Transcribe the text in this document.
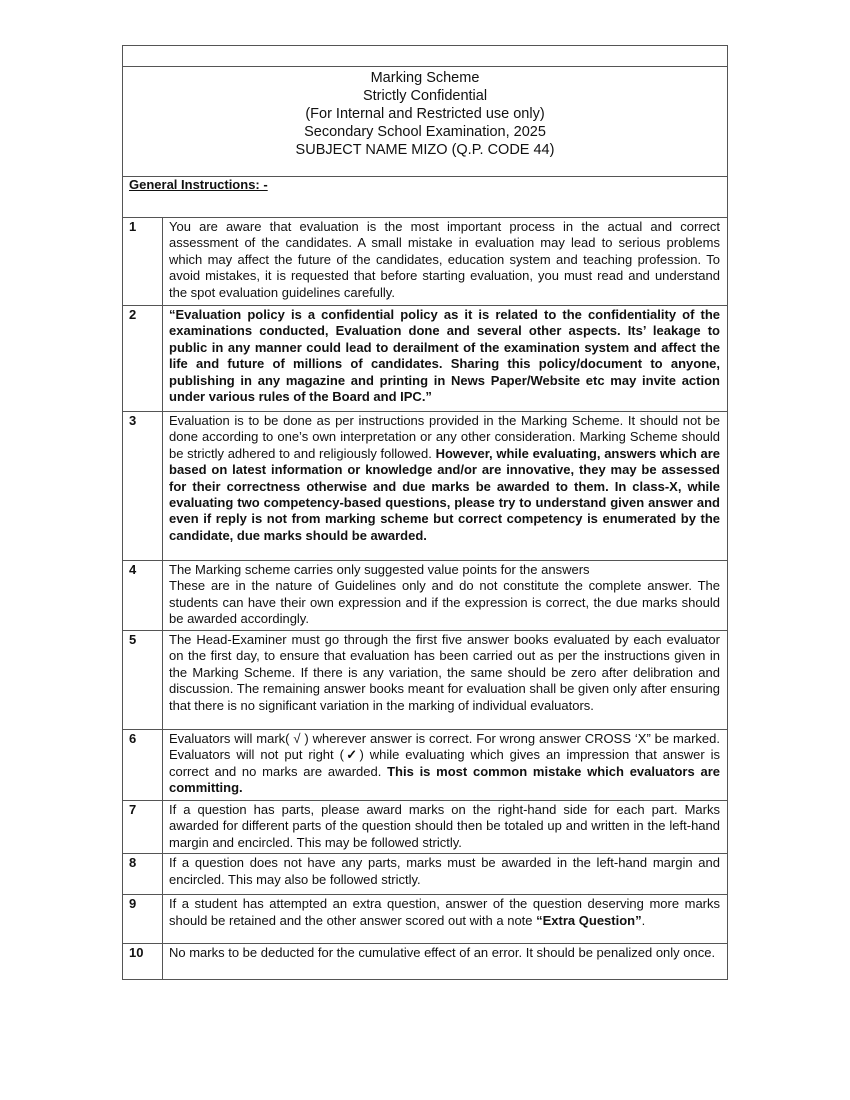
Marking Scheme
Strictly Confidential
(For Internal and Restricted use only)
Secondary School Examination, 2025
SUBJECT NAME MIZO (Q.P. CODE 44)	

General Instructions: -	
1	You are aware that evaluation is the most important process in the actual and correct assessment of the candidates. A small mistake in evaluation may lead to serious problems which may affect the future of the candidates, education system and teaching profession. To avoid mistakes, it is requested that before starting evaluation, you must read and understand the spot evaluation guidelines carefully.

2	“Evaluation policy is a confidential policy as it is related to the confidentiality of the examinations conducted, Evaluation done and several other aspects. Its’ leakage to public in any manner could lead to derailment of the examination system and affect the life and future of millions of candidates. Sharing this policy/document to anyone, publishing in any magazine and printing in News Paper/Website etc may invite action under various rules of the Board and IPC.”

3	Evaluation is to be done as per instructions provided in the Marking Scheme. It should not be done according to one’s own interpretation or any other consideration. Marking Scheme should be strictly adhered to and religiously followed. However, while evaluating, answers which are based on latest information or knowledge and/or are innovative, they may be assessed for their correctness otherwise and due marks be awarded to them. In class-X, while evaluating two competency-based questions, please try to understand given answer and even if reply is not from marking scheme but correct competency is enumerated by the candidate, due marks should be awarded.

4	The Marking scheme carries only suggested value points for the answers

These are in the nature of Guidelines only and do not constitute the complete answer. The students can have their own expression and if the expression is correct, the due marks should be awarded accordingly.

5	The Head-Examiner must go through the first five answer books evaluated by each evaluator on the first day, to ensure that evaluation has been carried out as per the instructions given in the Marking Scheme. If there is any variation, the same should be zero after delibration and discussion. The remaining answer books meant for evaluation shall be given only after ensuring that there is no significant variation in the marking of individual evaluators.

6	Evaluators will mark( √ ) wherever answer is correct. For wrong answer CROSS ‘X” be marked. Evaluators will not put right (✓) while evaluating which gives an impression that answer is correct and no marks are awarded. This is most common mistake which evaluators are committing.

7	If a question has parts, please award marks on the right-hand side for each part. Marks awarded for different parts of the question should then be totaled up and written in the left-hand margin and encircled. This may be followed strictly.

8	If a question does not have any parts, marks must be awarded in the left-hand margin and encircled. This may also be followed strictly.

9	If a student has attempted an extra question, answer of the question deserving more marks should be retained and the other answer scored out with a note “Extra Question”.

10	No marks to be deducted for the cumulative effect of an error. It should be penalized only once.
